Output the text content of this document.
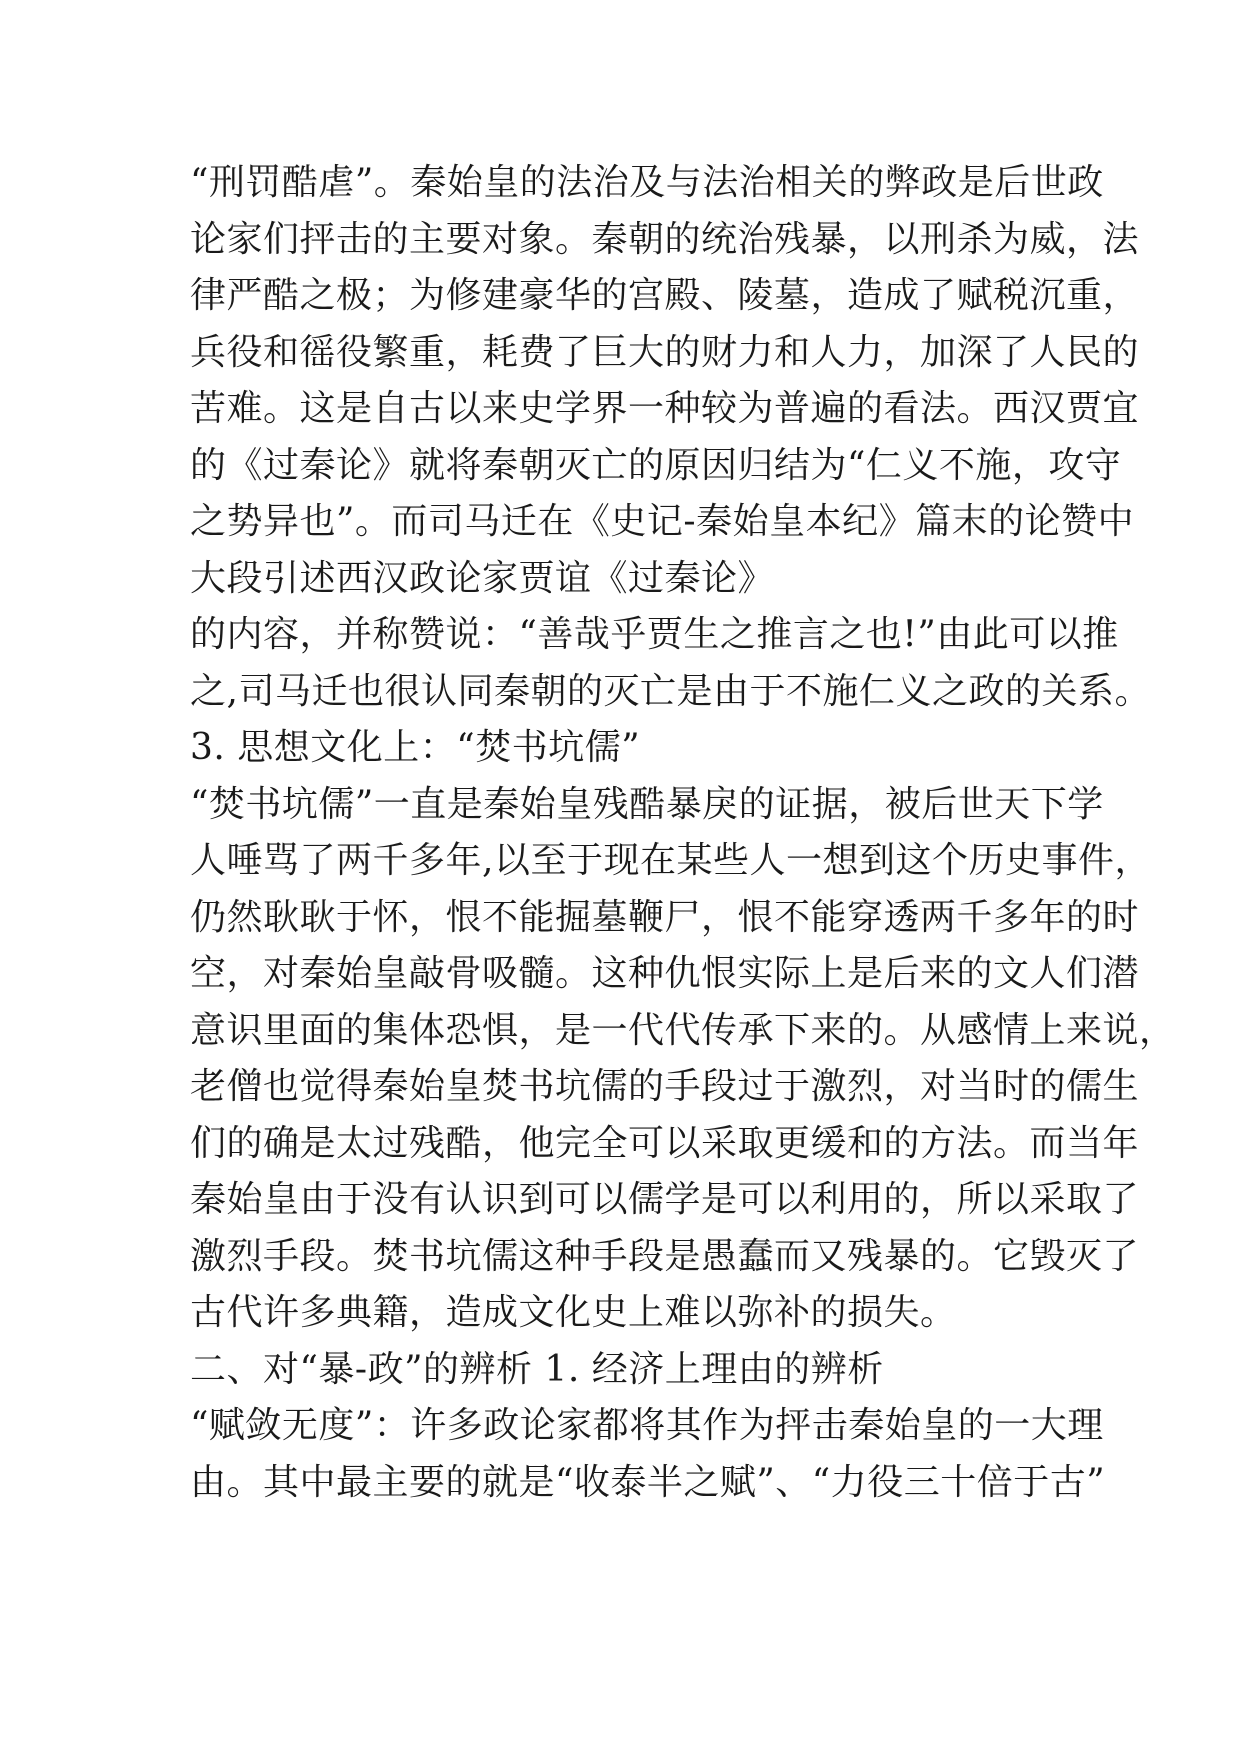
“刑罚酷虐”。秦始皇的法治及与法治相关的弊政是后世政
论家们抨击的主要对象。秦朝的统治残暴，以刑杀为威，法
律严酷之极；为修建豪华的宫殿、陵墓，造成了赋税沉重，
兵役和徭役繁重，耗费了巨大的财力和人力，加深了人民的
苦难。这是自古以来史学界一种较为普遍的看法。西汉贾宜
的《过秦论》就将秦朝灭亡的原因归结为“仁义不施，攻守
之势异也”。而司马迁在《史记-秦始皇本纪》篇末的论赞中
大段引述西汉政论家贾谊《过秦论》
的内容，并称赞说：“善哉乎贾生之推言之也!”由此可以推
之,司马迁也很认同秦朝的灭亡是由于不施仁义之政的关系。
3. 思想文化上：“焚书坑儒”
“焚书坑儒”一直是秦始皇残酷暴戾的证据，被后世天下学
人唾骂了两千多年,以至于现在某些人一想到这个历史事件，
仍然耿耿于怀，恨不能掘墓鞭尸，恨不能穿透两千多年的时
空，对秦始皇敲骨吸髓。这种仇恨实际上是后来的文人们潜
意识里面的集体恐惧，是一代代传承下来的。从感情上来说，
老僧也觉得秦始皇焚书坑儒的手段过于激烈，对当时的儒生
们的确是太过残酷，他完全可以采取更缓和的方法。而当年
秦始皇由于没有认识到可以儒学是可以利用的，所以采取了
激烈手段。焚书坑儒这种手段是愚蠢而又残暴的。它毁灭了
古代许多典籍，造成文化史上难以弥补的损失。
二、对“暴-政”的辨析 1. 经济上理由的辨析
“赋敛无度”：许多政论家都将其作为抨击秦始皇的一大理
由。其中最主要的就是“收泰半之赋”、“力役三十倍于古”
